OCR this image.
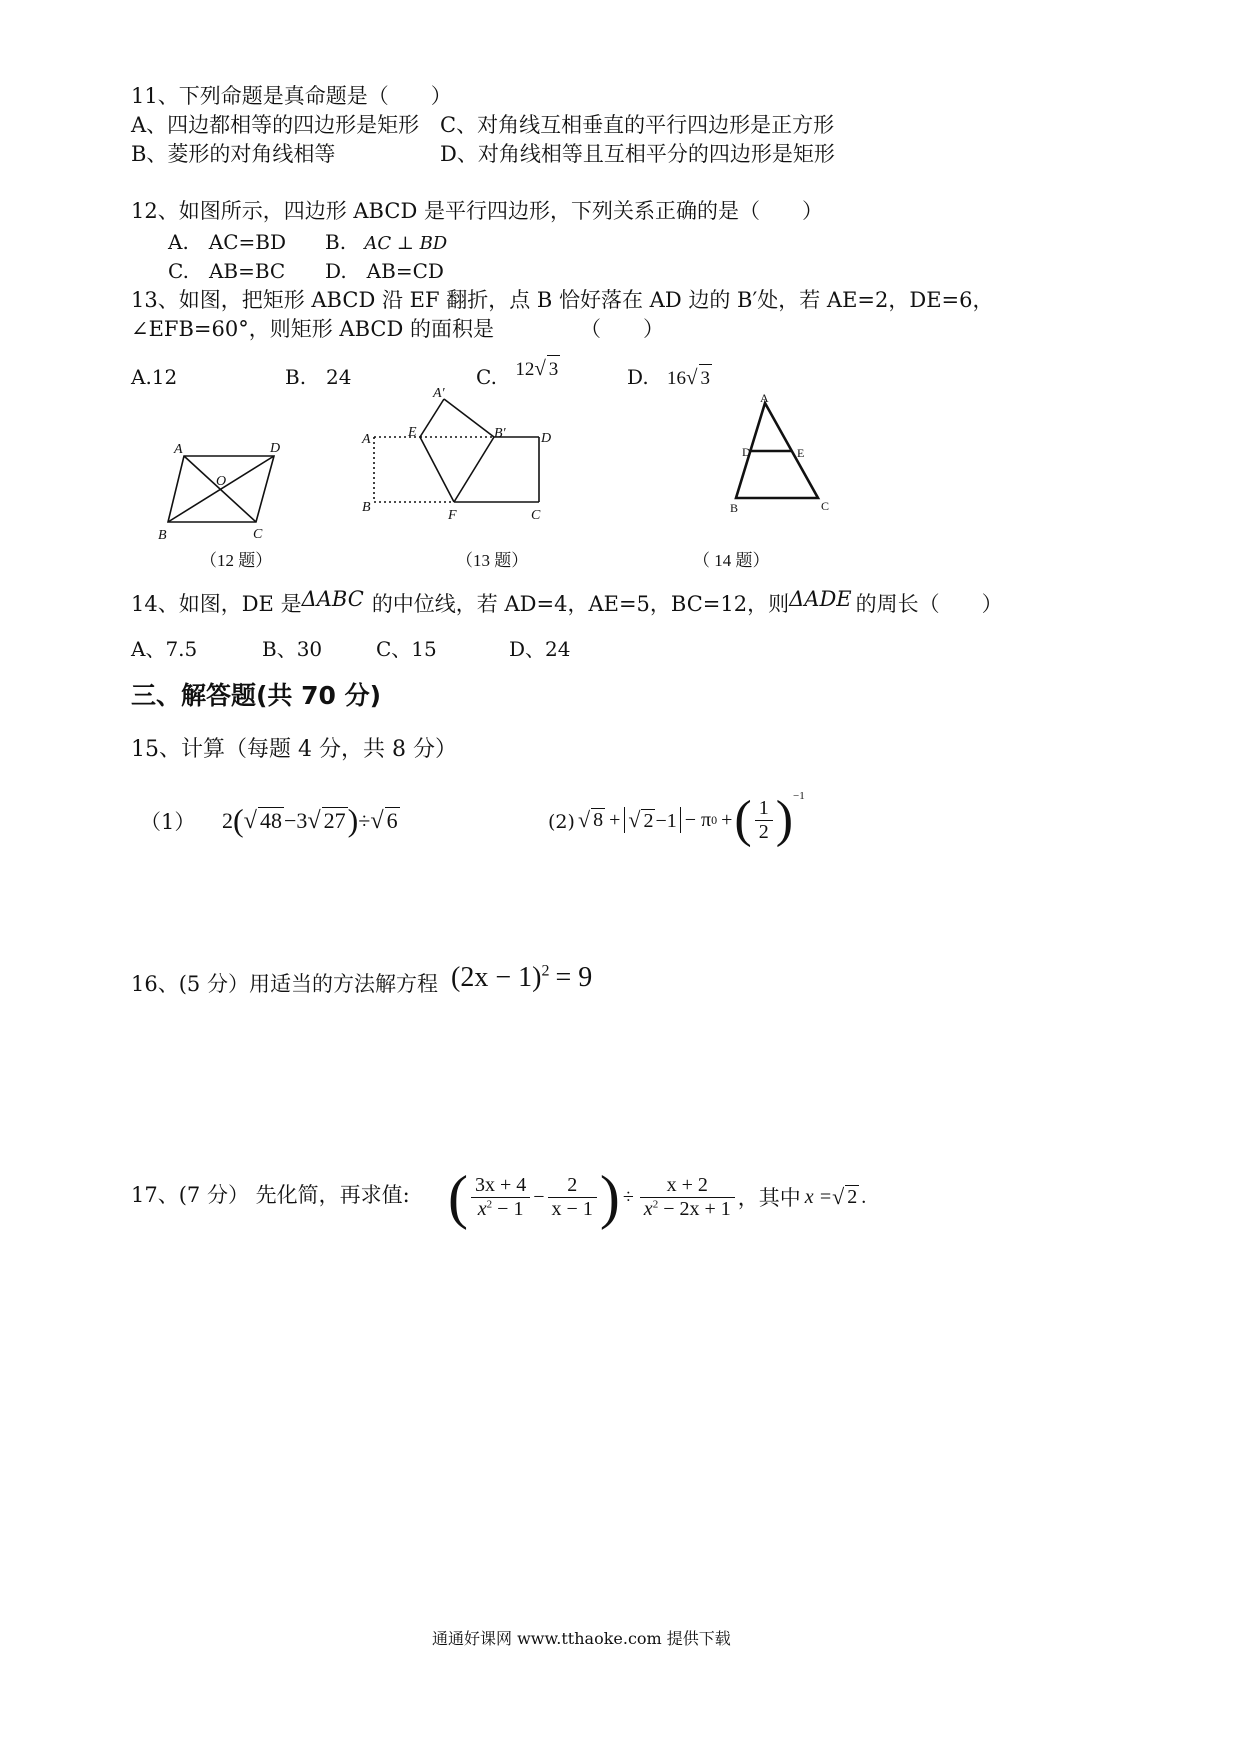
11、下列命题是真命题是（　　）
A、四边都相等的四边形是矩形 C、对角线互相垂直的平行四边形是正方形
B、菱形的对角线相等	D、对角线相等且互相平分的四边形是矩形
12、如图所示，四边形 ABCD 是平行四边形，下列关系正确的是（　　）
A.　AC=BD B. AC ⊥ BD
C.　AB=BC D.　AB=CD
13、如图，把矩形 ABCD 沿 EF 翻折，点 B 恰好落在 AD 边的 B′处，若 AE=2，DE=6，
∠EFB=60°，则矩形 ABCD 的面积是	（　　）
A.12	B.　24	C. 12√ 3	D. 16√ 3
A	D
O
B	C
（12 题）
A′
A	E	B′	D
B
F	C
（13 题）
A
D	E
B	C
（ 14 题）
14、如图，DE 是ΔABC 的中位线，若 AD=4，AE=5，BC=12，则ΔADE 的周长（　　）
A、7.5	B、30	C、15	D、24
三、解答题(共 70 分)
15、计算（每题 4 分，共 8 分）
（1） 2(√ 48−3√ 27)÷√ 6	(2) √ 8 + √ 2 −1 − π 0 + ( $\frac{1}{2}$ ) −1
16、(5 分）用适当的方法解方程 $(2x - 1)^2 = 9$
17、(7 分） 先化简，再求值: ( $\frac{3x + 4}{x^2 - 1} - \frac{2}{x - 1}$ ) ÷ $\frac{x + 2}{x^2 - 2x + 1}$ ，其中 x = √ 2 .
通通好课网 www.tthaoke.com 提供下载
